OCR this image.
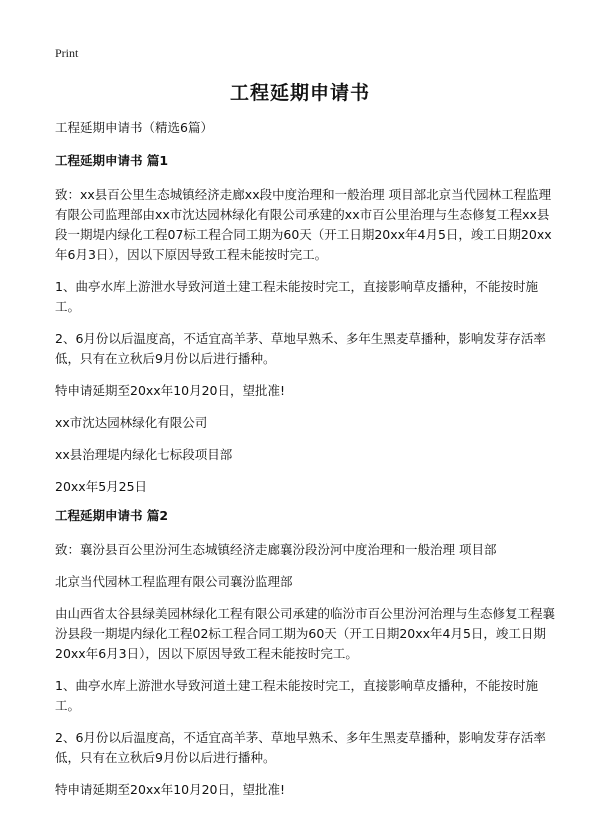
Print
工程延期申请书

工程延期申请书（精选6篇）

工程延期申请书 篇1

致：xx县百公里生态城镇经济走廊xx段中度治理和一般治理 项目部北京当代园林工程监理有限公司监理部由xx市沈达园林绿化有限公司承建的xx市百公里治理与生态修复工程xx县段一期堤内绿化工程07标工程合同工期为60天（开工日期20xx年4月5日，竣工日期20xx年6月3日），因以下原因导致工程未能按时完工。

1、曲亭水库上游泄水导致河道土建工程未能按时完工，直接影响草皮播种，不能按时施工。

2、6月份以后温度高，不适宜高羊茅、草地早熟禾、多年生黑麦草播种，影响发芽存活率低，只有在立秋后9月份以后进行播种。

特申请延期至20xx年10月20日，望批准!

xx市沈达园林绿化有限公司

xx县治理堤内绿化七标段项目部

20xx年5月25日

工程延期申请书 篇2

致：襄汾县百公里汾河生态城镇经济走廊襄汾段汾河中度治理和一般治理 项目部

北京当代园林工程监理有限公司襄汾监理部

由山西省太谷县绿美园林绿化工程有限公司承建的临汾市百公里汾河治理与生态修复工程襄汾县段一期堤内绿化工程02标工程合同工期为60天（开工日期20xx年4月5日，竣工日期20xx年6月3日），因以下原因导致工程未能按时完工。

1、曲亭水库上游泄水导致河道土建工程未能按时完工，直接影响草皮播种，不能按时施工。

2、6月份以后温度高，不适宜高羊茅、草地早熟禾、多年生黑麦草播种，影响发芽存活率低，只有在立秋后9月份以后进行播种。

特申请延期至20xx年10月20日，望批准!
